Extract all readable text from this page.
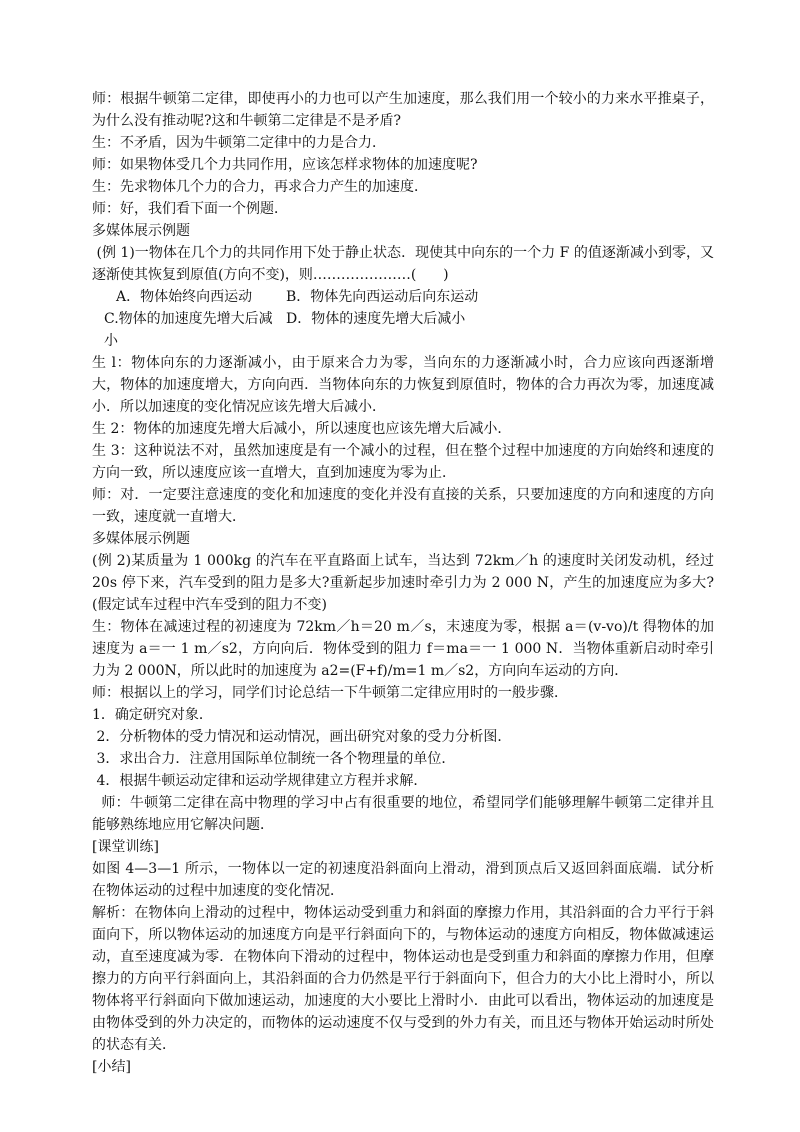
师：根据牛顿第二定律，即使再小的力也可以产生加速度，那么我们用一个较小的力来水平推桌子，为什么没有推动呢?这和牛顿第二定律是不是矛盾?

生：不矛盾，因为牛顿第二定律中的力是合力．

师：如果物体受几个力共同作用，应该怎样求物体的加速度呢?

生：先求物体几个力的合力，再求合力产生的加速度．

师：好，我们看下面一个例题．

多媒体展示例题

(例 1)一物体在几个力的共同作用下处于静止状态．现使其中向东的一个力 F 的值逐渐减小到零，又逐渐使其恢复到原值(方向不变)，则…………………(      )

A．物体始终向西运动	B．物体先向西运动后向东运动
C.物体的加速度先增大后减小
D．物体的速度先增大后减小

生 l：物体向东的力逐渐减小，由于原来合力为零，当向东的力逐渐减小时，合力应该向西逐渐增大，物体的加速度增大，方向向西．当物体向东的力恢复到原值时，物体的合力再次为零，加速度减小．所以加速度的变化情况应该先增大后减小．

生 2：物体的加速度先增大后减小，所以速度也应该先增大后减小．

生 3：这种说法不对，虽然加速度是有一个减小的过程，但在整个过程中加速度的方向始终和速度的方向一致，所以速度应该一直增大，直到加速度为零为止．

师：对．一定要注意速度的变化和加速度的变化并没有直接的关系，只要加速度的方向和速度的方向一致，速度就一直增大．

多媒体展示例题

(例 2)某质量为 1 000kg 的汽车在平直路面上试车，当达到 72km／h 的速度时关闭发动机，经过 20s 停下来，汽车受到的阻力是多大?重新起步加速时牵引力为 2 000 N，产生的加速度应为多大?(假定试车过程中汽车受到的阻力不变)

生：物体在减速过程的初速度为 72km／h＝20 m／s，末速度为零，根据 a＝(v-vo)/t 得物体的加速度为 a＝一 1 m／s2，方向向后．物体受到的阻力 f＝ma＝一 1 000 N．当物体重新启动时牵引力为 2 000N，所以此时的加速度为 a2=(F+f)/m=1 m／s2，方向向车运动的方向．

师：根据以上的学习，同学们讨论总结一下牛顿第二定律应用时的一般步骤．

1．确定研究对象．

2．分析物体的受力情况和运动情况，画出研究对象的受力分析图．

3．求出合力．注意用国际单位制统一各个物理量的单位．

4．根据牛顿运动定律和运动学规律建立方程并求解．

师：牛顿第二定律在高中物理的学习中占有很重要的地位，希望同学们能够理解牛顿第二定律并且能够熟练地应用它解决问题．

[课堂训练]

如图 4—3—1 所示，一物体以一定的初速度沿斜面向上滑动，滑到顶点后又返回斜面底端．试分析在物体运动的过程中加速度的变化情况．

解析：在物体向上滑动的过程中，物体运动受到重力和斜面的摩擦力作用，其沿斜面的合力平行于斜面向下，所以物体运动的加速度方向是平行斜面向下的，与物体运动的速度方向相反，物体做减速运动，直至速度减为零．在物体向下滑动的过程中，物体运动也是受到重力和斜面的摩擦力作用，但摩擦力的方向平行斜面向上，其沿斜面的合力仍然是平行于斜面向下，但合力的大小比上滑时小，所以物体将平行斜面向下做加速运动，加速度的大小要比上滑时小．由此可以看出，物体运动的加速度是由物体受到的外力决定的，而物体的运动速度不仅与受到的外力有关，而且还与物体开始运动时所处的状态有关．

[小结]
